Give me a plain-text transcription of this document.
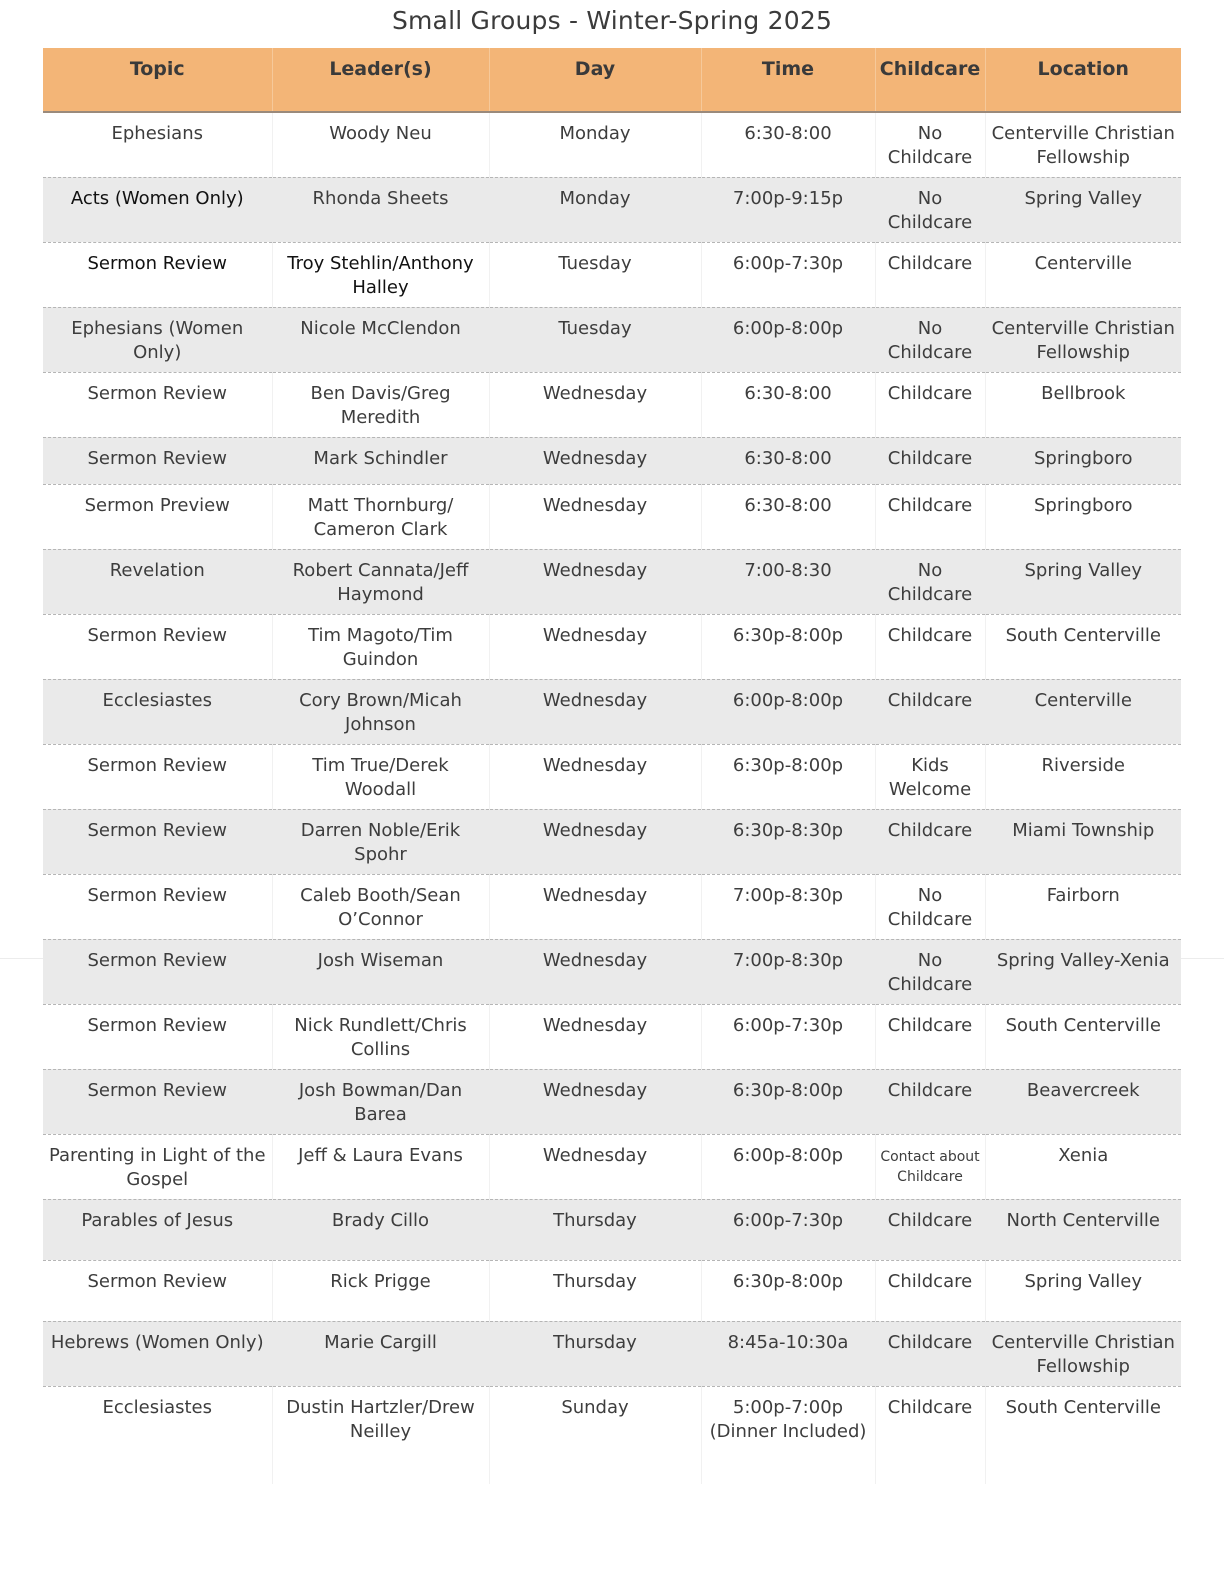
Small Groups - Winter-Spring 2025
Topic	Leader(s)	Day	Time	Childcare	Location
Ephesians	Woody Neu	Monday	6:30-8:00	No Childcare	Centerville Christian Fellowship
Acts (Women Only)	Rhonda Sheets	Monday	7:00p-9:15p	No Childcare	Spring Valley
Sermon Review	Troy Stehlin/Anthony Halley	Tuesday	6:00p-7:30p	Childcare	Centerville
Ephesians (Women Only)	Nicole McClendon	Tuesday	6:00p-8:00p	No Childcare	Centerville Christian Fellowship
Sermon Review	Ben Davis/Greg Meredith	Wednesday	6:30-8:00	Childcare	Bellbrook
Sermon Review	Mark Schindler	Wednesday	6:30-8:00	Childcare	Springboro
Sermon Preview	Matt Thornburg/ Cameron Clark	Wednesday	6:30-8:00	Childcare	Springboro
Revelation	Robert Cannata/Jeff Haymond	Wednesday	7:00-8:30	No Childcare	Spring Valley
Sermon Review	Tim Magoto/Tim Guindon	Wednesday	6:30p-8:00p	Childcare	South Centerville
Ecclesiastes	Cory Brown/Micah Johnson	Wednesday	6:00p-8:00p	Childcare	Centerville
Sermon Review	Tim True/Derek Woodall	Wednesday	6:30p-8:00p	Kids Welcome	Riverside
Sermon Review	Darren Noble/Erik Spohr	Wednesday	6:30p-8:30p	Childcare	Miami Township
Sermon Review	Caleb Booth/Sean O’Connor	Wednesday	7:00p-8:30p	No Childcare	Fairborn
Sermon Review	Josh Wiseman	Wednesday	7:00p-8:30p	No Childcare	Spring Valley-Xenia
Sermon Review	Nick Rundlett/Chris Collins	Wednesday	6:00p-7:30p	Childcare	South Centerville
Sermon Review	Josh Bowman/Dan Barea	Wednesday	6:30p-8:00p	Childcare	Beavercreek
Parenting in Light of the Gospel	Jeff & Laura Evans	Wednesday	6:00p-8:00p	Contact about Childcare	Xenia
Parables of Jesus	Brady Cillo	Thursday	6:00p-7:30p	Childcare	North Centerville
Sermon Review	Rick Prigge	Thursday	6:30p-8:00p	Childcare	Spring Valley
Hebrews (Women Only)	Marie Cargill	Thursday	8:45a-10:30a	Childcare	Centerville Christian Fellowship
Ecclesiastes	Dustin Hartzler/Drew Neilley	Sunday	5:00p-7:00p (Dinner Included)	Childcare	South Centerville
